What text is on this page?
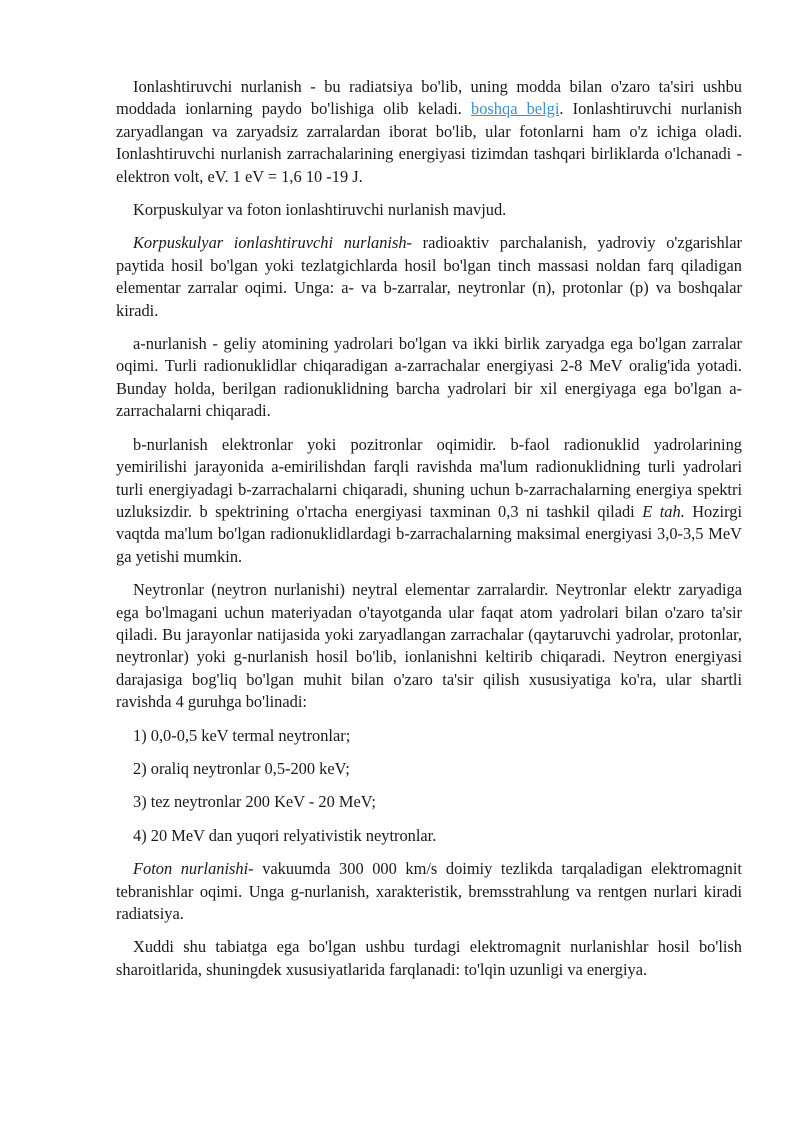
Ionlashtiruvchi nurlanish - bu radiatsiya bo'lib, uning modda bilan o'zaro ta'siri ushbu moddada ionlarning paydo bo'lishiga olib keladi. boshqa belgi. Ionlashtiruvchi nurlanish zaryadlangan va zaryadsiz zarralardan iborat bo'lib, ular fotonlarni ham o'z ichiga oladi. Ionlashtiruvchi nurlanish zarrachalarining energiyasi tizimdan tashqari birliklarda o'lchanadi - elektron volt, eV. 1 eV = 1,6 10 -19 J.

Korpuskulyar va foton ionlashtiruvchi nurlanish mavjud.

Korpuskulyar ionlashtiruvchi nurlanish- radioaktiv parchalanish, yadroviy o'zgarishlar paytida hosil bo'lgan yoki tezlatgichlarda hosil bo'lgan tinch massasi noldan farq qiladigan elementar zarralar oqimi. Unga: a- va b-zarralar, neytronlar (n), protonlar (p) va boshqalar kiradi.

a-nurlanish - geliy atomining yadrolari bo'lgan va ikki birlik zaryadga ega bo'lgan zarralar oqimi. Turli radionuklidlar chiqaradigan a-zarrachalar energiyasi 2-8 MeV oralig'ida yotadi. Bunday holda, berilgan radionuklidning barcha yadrolari bir xil energiyaga ega bo'lgan a-zarrachalarni chiqaradi.

b-nurlanish elektronlar yoki pozitronlar oqimidir. b-faol radionuklid yadrolarining yemirilishi jarayonida a-emirilishdan farqli ravishda ma'lum radionuklidning turli yadrolari turli energiyadagi b-zarrachalarni chiqaradi, shuning uchun b-zarrachalarning energiya spektri uzluksizdir. b spektrining o'rtacha energiyasi taxminan 0,3 ni tashkil qiladi E tah. Hozirgi vaqtda ma'lum bo'lgan radionuklidlardagi b-zarrachalarning maksimal energiyasi 3,0-3,5 MeV ga yetishi mumkin.

Neytronlar (neytron nurlanishi) neytral elementar zarralardir. Neytronlar elektr zaryadiga ega bo'lmagani uchun materiyadan o'tayotganda ular faqat atom yadrolari bilan o'zaro ta'sir qiladi. Bu jarayonlar natijasida yoki zaryadlangan zarrachalar (qaytaruvchi yadrolar, protonlar, neytronlar) yoki g-nurlanish hosil bo'lib, ionlanishni keltirib chiqaradi. Neytron energiyasi darajasiga bog'liq bo'lgan muhit bilan o'zaro ta'sir qilish xususiyatiga ko'ra, ular shartli ravishda 4 guruhga bo'linadi:

1) 0,0-0,5 keV termal neytronlar;

2) oraliq neytronlar 0,5-200 keV;

3) tez neytronlar 200 KeV - 20 MeV;

4) 20 MeV dan yuqori relyativistik neytronlar.

Foton nurlanishi- vakuumda 300 000 km/s doimiy tezlikda tarqaladigan elektromagnit tebranishlar oqimi. Unga g-nurlanish, xarakteristik, bremsstrahlung va rentgen nurlari kiradi radiatsiya.

Xuddi shu tabiatga ega bo'lgan ushbu turdagi elektromagnit nurlanishlar hosil bo'lish sharoitlarida, shuningdek xususiyatlarida farqlanadi: to'lqin uzunligi va energiya.
